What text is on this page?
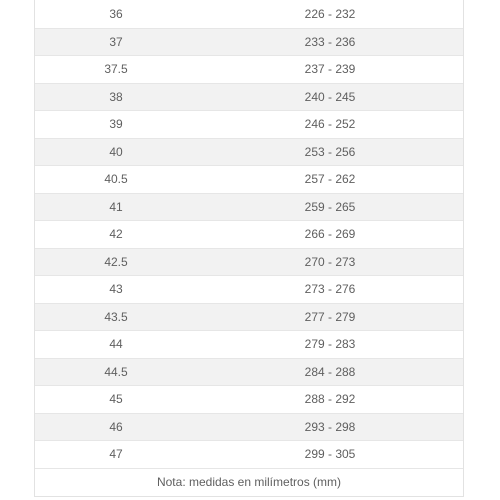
36	226 - 232
37	233 - 236
37.5	237 - 239
38	240 - 245
39	246 - 252
40	253 - 256
40.5	257 - 262
41	259 - 265
42	266 - 269
42.5	270 - 273
43	273 - 276
43.5	277 - 279
44	279 - 283
44.5	284 - 288
45	288 - 292
46	293 - 298
47	299 - 305
Nota: medidas en milímetros (mm)
